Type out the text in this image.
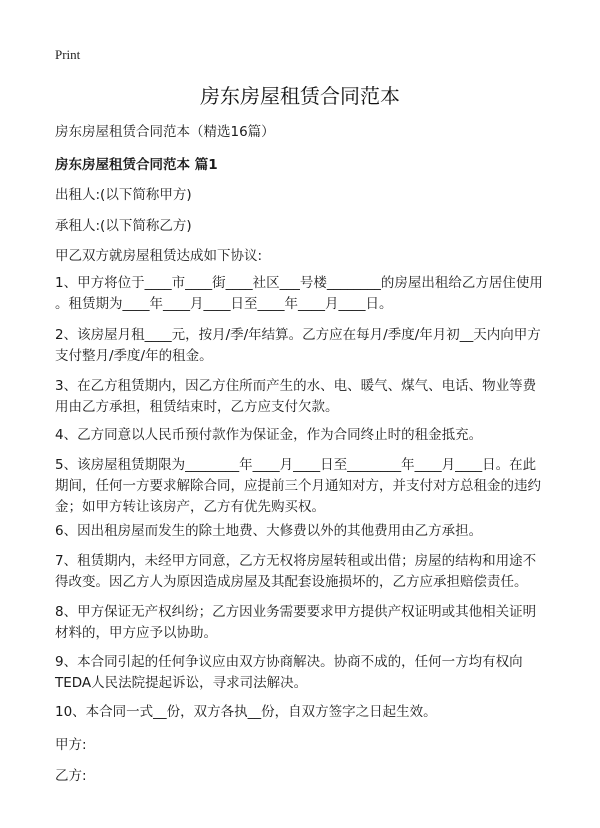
Print
房东房屋租赁合同范本
房东房屋租赁合同范本（精选16篇）
房东房屋租赁合同范本 篇1
出租人:(以下简称甲方)
承租人:(以下简称乙方)
甲乙双方就房屋租赁达成如下协议:
1、甲方将位于____市____街____社区___号楼________的房屋出租给乙方居住使用
。租赁期为____年____月____日至____年____月____日。
2、该房屋月租____元，按月/季/年结算。乙方应在每月/季度/年月初__天内向甲方
支付整月/季度/年的租金。
3、在乙方租赁期内，因乙方住所而产生的水、电、暖气、煤气、电话、物业等费
用由乙方承担，租赁结束时，乙方应支付欠款。
4、乙方同意以人民币预付款作为保证金，作为合同终止时的租金抵充。
5、该房屋租赁期限为________年____月____日至________年____月____日。在此
期间，任何一方要求解除合同，应提前三个月通知对方，并支付对方总租金的违约
金；如甲方转让该房产，乙方有优先购买权。
6、因出租房屋而发生的除土地费、大修费以外的其他费用由乙方承担。
7、租赁期内，未经甲方同意，乙方无权将房屋转租或出借；房屋的结构和用途不
得改变。因乙方人为原因造成房屋及其配套设施损坏的，乙方应承担赔偿责任。
8、甲方保证无产权纠纷；乙方因业务需要要求甲方提供产权证明或其他相关证明
材料的，甲方应予以协助。
9、本合同引起的任何争议应由双方协商解决。协商不成的，任何一方均有权向
TEDA人民法院提起诉讼，寻求司法解决。
10、本合同一式__份，双方各执__份，自双方签字之日起生效。
甲方:
乙方:
